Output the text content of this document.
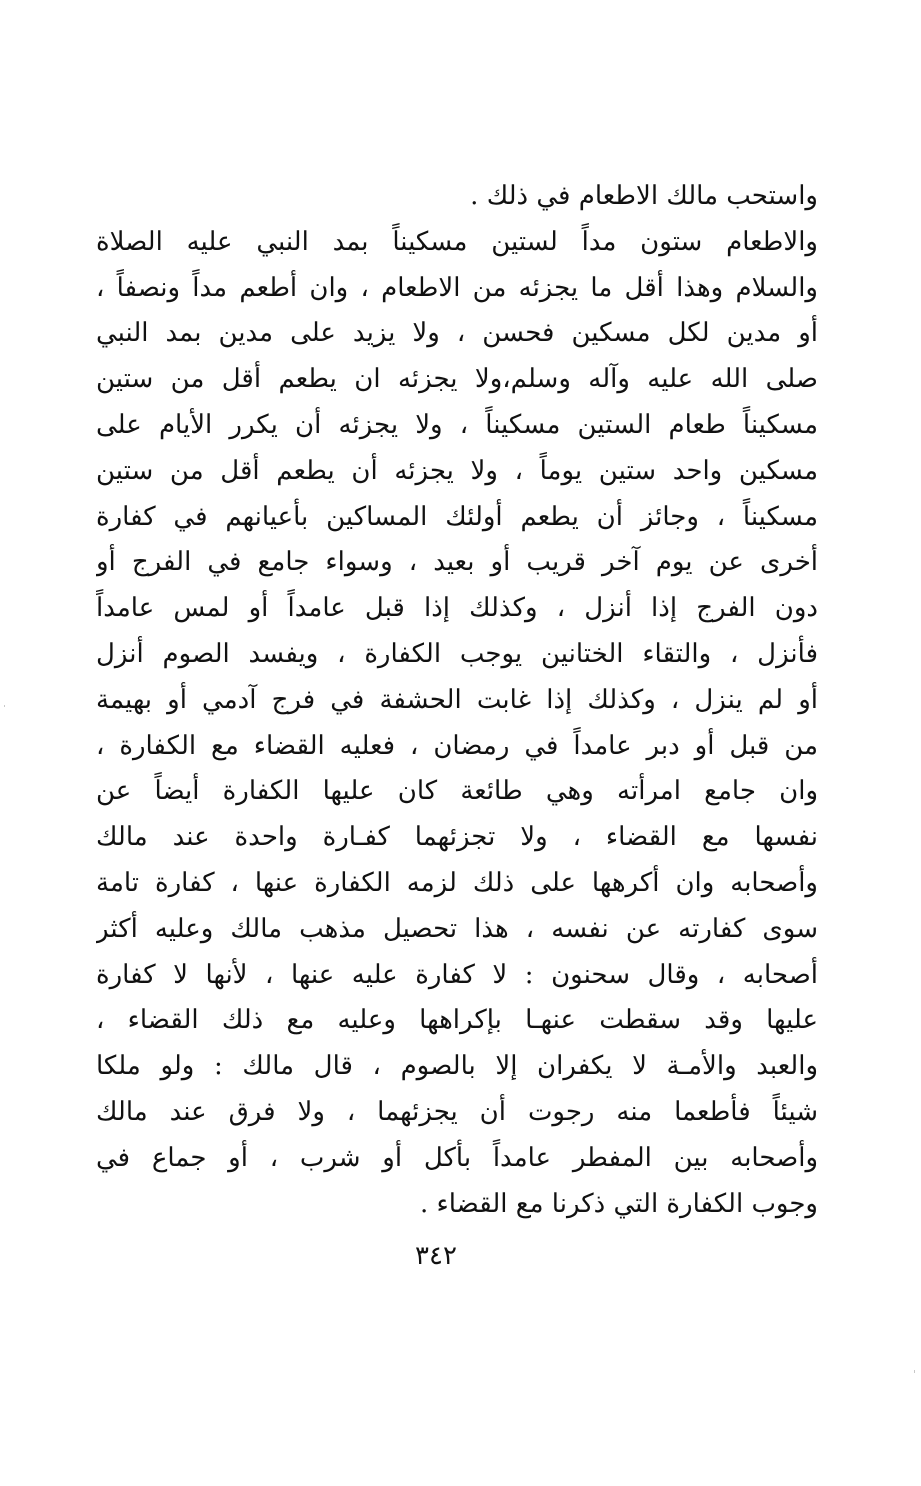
واستحب مالك الاطعام في ذلك .
والاطعام ستون مداً لستين مسكيناً بمد النبي عليه الصلاة
والسلام وهذا أقل ما يجزئه من الاطعام ، وان أطعم مداً ونصفاً ،
أو مدين لكل مسكين فحسن ، ولا يزيد على مدين بمد النبي
صلى الله عليه وآله وسلم،ولا يجزئه ان يطعم أقل من ستين
مسكيناً طعام الستين مسكيناً ، ولا يجزئه أن يكرر الأيام على
مسكين واحد ستين يوماً ، ولا يجزئه أن يطعم أقل من ستين
مسكيناً ، وجائز أن يطعم أولئك المساكين بأعيانهم في كفارة
أخرى عن يوم آخر قريب أو بعيد ، وسواء جامع في الفرج أو
دون الفرج إذا أنزل ، وكذلك إذا قبل عامداً أو لمس عامداً
فأنزل ، والتقاء الختانين يوجب الكفارة ، ويفسد الصوم أنزل
أو لم ينزل ، وكذلك إذا غابت الحشفة في فرج آدمي أو بهيمة
من قبل أو دبر عامداً في رمضان ، فعليه القضاء مع الكفارة ،
وان جامع امرأته وهي طائعة كان عليها الكفارة أيضاً عن
نفسها مع القضاء ، ولا تجزئهما كفـارة واحدة عند مالك
وأصحابه وان أكرهها على ذلك لزمه الكفارة عنها ، كفارة تامة
سوى كفارته عن نفسه ، هذا تحصيل مذهب مالك وعليه أكثر
أصحابه ، وقال سحنون : لا كفارة عليه عنها ، لأنها لا كفارة
عليها وقد سقطت عنهـا بإكراهها وعليه مع ذلك القضاء ،
والعبد والأمـة لا يكفران إلا بالصوم ، قال مالك : ولو ملكا
شيئاً فأطعما منه رجوت أن يجزئهما ، ولا فرق عند مالك
وأصحابه بين المفطر عامداً بأكل أو شرب ، أو جماع في
وجوب الكفارة التي ذكرنا مع القضاء .
٣٤٢
